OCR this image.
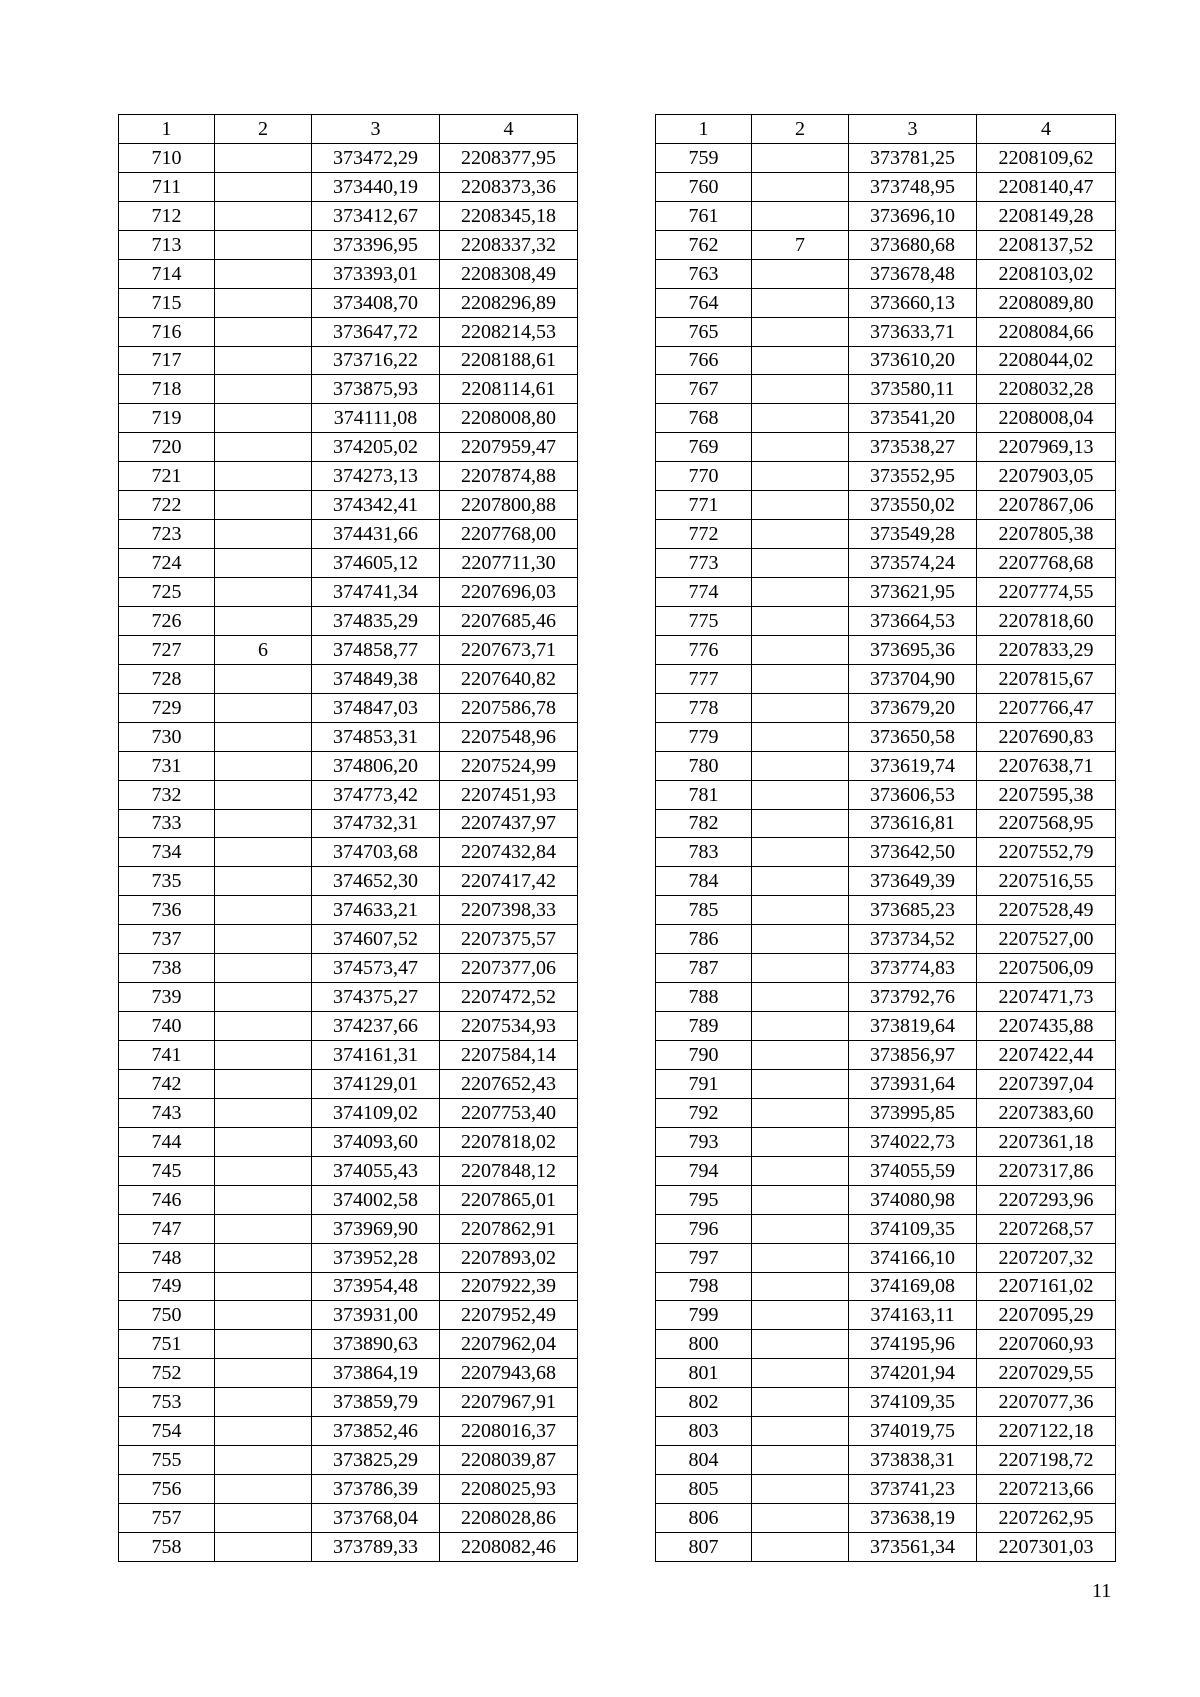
1	2	3	4
710		373472,29	2208377,95
711		373440,19	2208373,36
712		373412,67	2208345,18
713		373396,95	2208337,32
714		373393,01	2208308,49
715		373408,70	2208296,89
716		373647,72	2208214,53
717		373716,22	2208188,61
718		373875,93	2208114,61
719		374111,08	2208008,80
720		374205,02	2207959,47
721		374273,13	2207874,88
722		374342,41	2207800,88
723		374431,66	2207768,00
724		374605,12	2207711,30
725		374741,34	2207696,03
726		374835,29	2207685,46
727	6	374858,77	2207673,71
728		374849,38	2207640,82
729		374847,03	2207586,78
730		374853,31	2207548,96
731		374806,20	2207524,99
732		374773,42	2207451,93
733		374732,31	2207437,97
734		374703,68	2207432,84
735		374652,30	2207417,42
736		374633,21	2207398,33
737		374607,52	2207375,57
738		374573,47	2207377,06
739		374375,27	2207472,52
740		374237,66	2207534,93
741		374161,31	2207584,14
742		374129,01	2207652,43
743		374109,02	2207753,40
744		374093,60	2207818,02
745		374055,43	2207848,12
746		374002,58	2207865,01
747		373969,90	2207862,91
748		373952,28	2207893,02
749		373954,48	2207922,39
750		373931,00	2207952,49
751		373890,63	2207962,04
752		373864,19	2207943,68
753		373859,79	2207967,91
754		373852,46	2208016,37
755		373825,29	2208039,87
756		373786,39	2208025,93
757		373768,04	2208028,86
758		373789,33	2208082,46
1	2	3	4
759		373781,25	2208109,62
760		373748,95	2208140,47
761		373696,10	2208149,28
762	7	373680,68	2208137,52
763		373678,48	2208103,02
764		373660,13	2208089,80
765		373633,71	2208084,66
766		373610,20	2208044,02
767		373580,11	2208032,28
768		373541,20	2208008,04
769		373538,27	2207969,13
770		373552,95	2207903,05
771		373550,02	2207867,06
772		373549,28	2207805,38
773		373574,24	2207768,68
774		373621,95	2207774,55
775		373664,53	2207818,60
776		373695,36	2207833,29
777		373704,90	2207815,67
778		373679,20	2207766,47
779		373650,58	2207690,83
780		373619,74	2207638,71
781		373606,53	2207595,38
782		373616,81	2207568,95
783		373642,50	2207552,79
784		373649,39	2207516,55
785		373685,23	2207528,49
786		373734,52	2207527,00
787		373774,83	2207506,09
788		373792,76	2207471,73
789		373819,64	2207435,88
790		373856,97	2207422,44
791		373931,64	2207397,04
792		373995,85	2207383,60
793		374022,73	2207361,18
794		374055,59	2207317,86
795		374080,98	2207293,96
796		374109,35	2207268,57
797		374166,10	2207207,32
798		374169,08	2207161,02
799		374163,11	2207095,29
800		374195,96	2207060,93
801		374201,94	2207029,55
802		374109,35	2207077,36
803		374019,75	2207122,18
804		373838,31	2207198,72
805		373741,23	2207213,66
806		373638,19	2207262,95
807		373561,34	2207301,03
11
